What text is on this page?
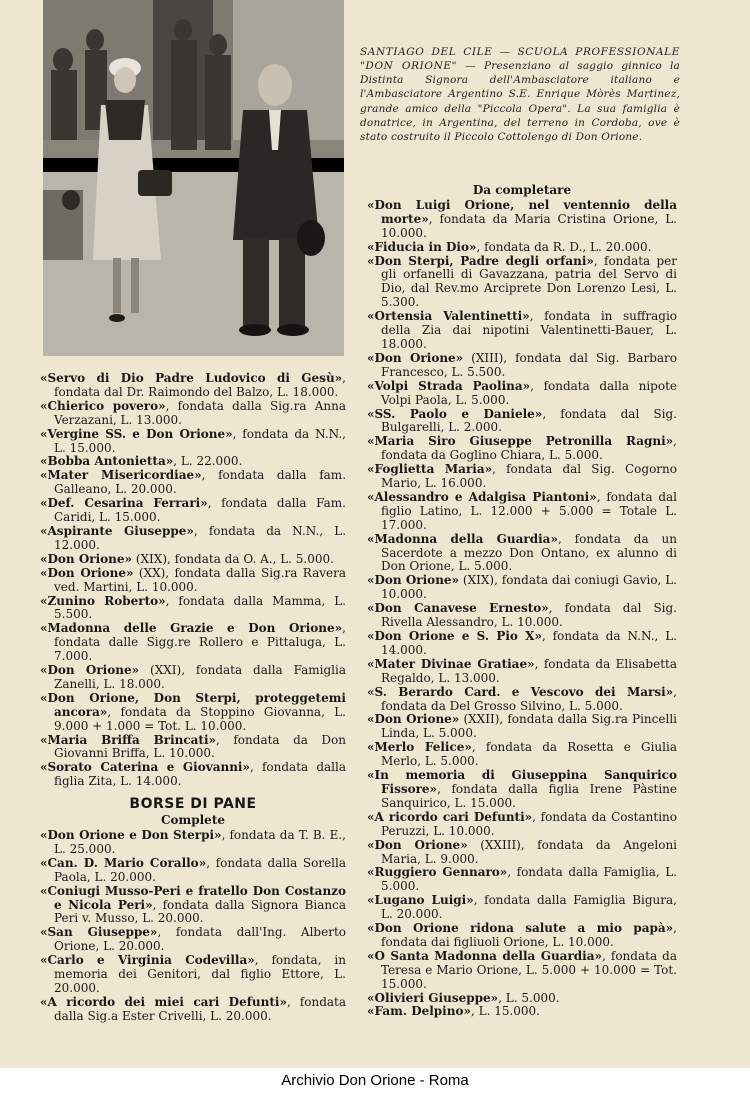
SANTIAGO DEL CILE — SCUOLA PROFESSIONALE "DON ORIONE" — Presenziano al saggio ginnico la Distinta Signora dell'Ambasciatore italiano e l'Ambasciatore Argentino S.E. Enrique Mòrès Martinez, grande amico della "Piccola Opera". La sua famiglia è donatrice, in Argentina, del terreno in Cordoba, ove è stato costruito il Piccolo Cottolengo di Don Orione.

«Servo di Dio Padre Ludovico di Gesù», fondata dal Dr. Raimondo del Balzo, L. 18.000.

«Chierico povero», fondata dalla Sig.ra Anna Verzazani, L. 13.000.

«Vergine SS. e Don Orione», fondata da N.N., L. 15.000.

«Bobba Antonietta», L. 22.000.

«Mater Misericordiae», fondata dalla fam. Galleano, L. 20.000.

«Def. Cesarina Ferrari», fondata dalla Fam. Caridi, L. 15.000.

«Aspirante Giuseppe», fondata da N.N., L. 12.000.

«Don Orione» (XIX), fondata da O. A., L. 5.000.

«Don Orione» (XX), fondata dalla Sig.ra Ravera ved. Martini, L. 10.000.

«Zunino Roberto», fondata dalla Mamma, L. 5.500.

«Madonna delle Grazie e Don Orione», fondata dalle Sigg.re Rollero e Pittaluga, L. 7.000.

«Don Orione» (XXI), fondata dalla Famiglia Zanelli, L. 18.000.

«Don Orione, Don Sterpi, proteggetemi ancora», fondata da Stoppino Giovanna, L. 9.000 + 1.000 = Tot. L. 10.000.

«Maria Briffa Brincati», fondata da Don Giovanni Briffa, L. 10.000.

«Sorato Caterina e Giovanni», fondata dalla figlia Zita, L. 14.000.

BORSE DI PANE
Complete

«Don Orione e Don Sterpi», fondata da T. B. E., L. 25.000.

«Can. D. Mario Corallo», fondata dalla Sorella Paola, L. 20.000.

«Coniugi Musso-Peri e fratello Don Costanzo e Nicola Peri», fondata dalla Signora Bianca Peri v. Musso, L. 20.000.

«San Giuseppe», fondata dall'Ing. Alberto Orione, L. 20.000.

«Carlo e Virginia Codevilla», fondata, in memoria dei Genitori, dal figlio Ettore, L. 20.000.

«A ricordo dei miei cari Defunti», fondata dalla Sig.a Ester Crivelli, L. 20.000.

Da completare

«Don Luigi Orione, nel ventennio della morte», fondata da Maria Cristina Orione, L. 10.000.

«Fiducia in Dio», fondata da R. D., L. 20.000.

«Don Sterpi, Padre degli orfani», fondata per gli orfanelli di Gavazzana, patria del Servo di Dio, dal Rev.mo Arciprete Don Lorenzo Lesi, L. 5.300.

«Ortensia Valentinetti», fondata in suffragio della Zia dai nipotini Valentinetti-Bauer, L. 18.000.

«Don Orione» (XIII), fondata dal Sig. Barbaro Francesco, L. 5.500.

«Volpi Strada Paolina», fondata dalla nipote Volpi Paola, L. 5.000.

«SS. Paolo e Daniele», fondata dal Sig. Bulgarelli, L. 2.000.

«Maria Siro Giuseppe Petronilla Ragni», fondata da Goglino Chiara, L. 5.000.

«Foglietta Maria», fondata dal Sig. Cogorno Mario, L. 16.000.

«Alessandro e Adalgisa Piantoni», fondata dal figlio Latino, L. 12.000 + 5.000 = Totale L. 17.000.

«Madonna della Guardia», fondata da un Sacerdote a mezzo Don Ontano, ex alunno di Don Orione, L. 5.000.

«Don Orione» (XIX), fondata dai coniugi Gavio, L. 10.000.

«Don Canavese Ernesto», fondata dal Sig. Rivella Alessandro, L. 10.000.

«Don Orione e S. Pio X», fondata da N.N., L. 14.000.

«Mater Divinae Gratiae», fondata da Elisabetta Regaldo, L. 13.000.

«S. Berardo Card. e Vescovo dei Marsi», fondata da Del Grosso Silvino, L. 5.000.

«Don Orione» (XXII), fondata dalla Sig.ra Pincelli Linda, L. 5.000.

«Merlo Felice», fondata da Rosetta e Giulia Merlo, L. 5.000.

«In memoria di Giuseppina Sanquirico Fissore», fondata dalla figlia Irene Pàstine Sanquirico, L. 15.000.

«A ricordo cari Defunti», fondata da Costantino Peruzzi, L. 10.000.

«Don Orione» (XXIII), fondata da Angeloni Maria, L. 9.000.

«Ruggiero Gennaro», fondata dalla Famiglia, L. 5.000.

«Lugano Luigi», fondata dalla Famiglia Bigura, L. 20.000.

«Don Orione ridona salute a mio papà», fondata dai figliuoli Orione, L. 10.000.

«O Santa Madonna della Guardia», fondata da Teresa e Mario Orione, L. 5.000 + 10.000 = Tot. 15.000.

«Olivieri Giuseppe», L. 5.000.

«Fam. Delpino», L. 15.000.

Archivio Don Orione - Roma
